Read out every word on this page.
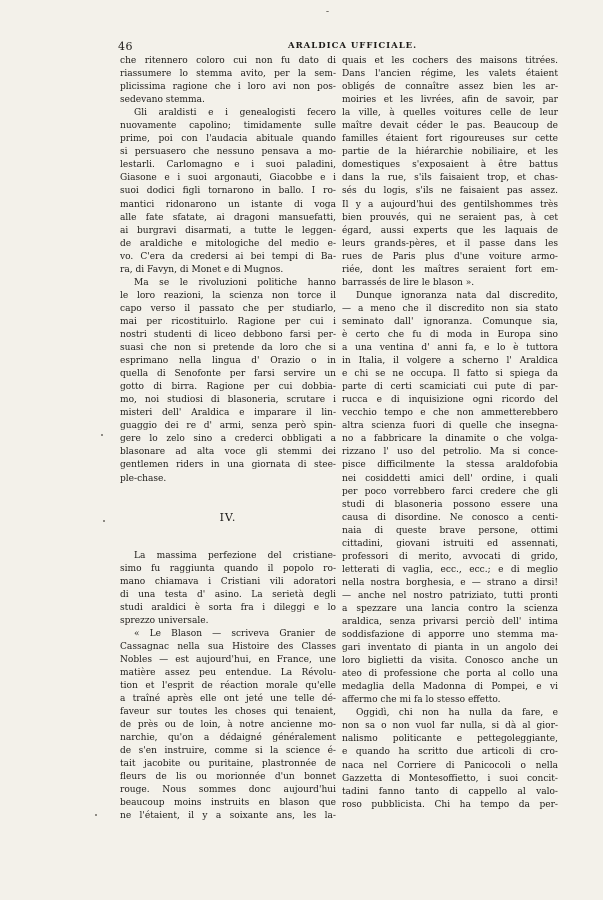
46	ARALDICA UFFICIALE.
che ritennero coloro cui non fu dato di
riassumere lo stemma avito, per la sem-
plicissima ragione che i loro avi non pos-
sedevano stemma.
Gli araldisti e i genealogisti fecero
nuovamente capolino; timidamente sulle
prime, poi con l'audacia abituale quando
si persuasero che nessuno pensava a mo-
lestarli. Carlomagno e i suoi paladini,
Giasone e i suoi argonauti, Giacobbe e i
suoi dodici figli tornarono in ballo. I ro-
mantici ridonarono un istante di voga
alle fate sfatate, ai dragoni mansuefatti,
ai burgravi disarmati, a tutte le leggen-
de araldiche e mitologiche del medio e-
vo. C'era da credersi ai bei tempi di Ba-
ra, di Favyn, di Monet e di Mugnos.
Ma se le rivoluzioni politiche hanno
le loro reazioni, la scienza non torce il
capo verso il passato che per studiarlo,
mai per ricostituirlo. Ragione per cui i
nostri studenti di liceo debbono farsi per-
suasi che non si pretende da loro che si
esprimano nella lingua d' Orazio o in
quella di Senofonte per farsi servire un
gotto di birra. Ragione per cui dobbia-
mo, noi studiosi di blasoneria, scrutare i
misteri dell' Araldica e imparare il lin-
guaggio dei re d' armi, senza però spin-
gere lo zelo sino a crederci obbligati a
blasonare ad alta voce gli stemmi dei
gentlemen riders in una giornata di stee-
ple-chase.
IV.
La massima perfezione del cristiane-
simo fu raggiunta quando il popolo ro-
mano chiamava i Cristiani vili adoratori
di una testa d' asino. La serietà degli
studi araldici è sorta fra i dileggi e lo
sprezzo universale.
« Le Blason — scriveva Granier de
Cassagnac nella sua Histoire des Classes
Nobles — est aujourd'hui, en France, une
matière assez peu entendue. La Révolu-
tion et l'esprit de réaction morale qu'elle
a traîné après elle ont jeté une telle dé-
faveur sur toutes les choses qui tenaient,
de près ou de loin, à notre ancienne mo-
narchie, qu'on a dédaigné généralement
de s'en instruire, comme si la science é-
tait jacobite ou puritaine, plastronnée de
fleurs de lis ou morionnée d'un bonnet
rouge. Nous sommes donc aujourd'hui
beaucoup moins instruits en blason que
ne l'étaient, il y a soixante ans, les la-
quais et les cochers des maisons titrées.
Dans l'ancien régime, les valets étaient
obligés de connaître assez bien les ar-
moiries et les livrées, afin de savoir, par
la ville, à quelles voitures celle de leur
maître devait céder le pas. Beaucoup de
familles étaient fort rigoureuses sur cette
partie de la hiérarchie nobiliaire, et les
domestiques s'exposaient à être battus
dans la rue, s'ils faisaient trop, et chas-
sés du logis, s'ils ne faisaient pas assez.
Il y a aujourd'hui des gentilshommes très
bien prouvés, qui ne seraient pas, à cet
égard, aussi experts que les laquais de
leurs grands-pères, et il passe dans les
rues de Paris plus d'une voiture armo-
riée, dont les maîtres seraient fort em-
barrassés de lire le blason ».
Dunque ignoranza nata dal discredito,
— a meno che il discredito non sia stato
seminato dall' ignoranza. Comunque sia,
è certo che fu di moda in Europa sino
a una ventina d' anni fa, e lo è tuttora
in Italia, il volgere a scherno l' Araldica
e chi se ne occupa. Il fatto si spiega da
parte di certi scamiciati cui pute di par-
rucca e di inquisizione ogni ricordo del
vecchio tempo e che non ammetterebbero
altra scienza fuori di quelle che insegna-
no a fabbricare la dinamite o che volga-
rizzano l' uso del petrolio. Ma si conce-
pisce difficilmente la stessa araldofobia
nei cosiddetti amici dell' ordine, i quali
per poco vorrebbero farci credere che gli
studi di blasoneria possono essere una
causa di disordine. Ne conosco a centi-
naia di queste brave persone, ottimi
cittadini, giovani istruiti ed assennati,
professori di merito, avvocati di grido,
letterati di vaglia, ecc., ecc.; e di meglio
nella nostra borghesia, e — strano a dirsi!
— anche nel nostro patriziato, tutti pronti
a spezzare una lancia contro la scienza
araldica, senza privarsi perciò dell' intima
soddisfazione di apporre uno stemma ma-
gari inventato di pianta in un angolo dei
loro biglietti da visita. Conosco anche un
ateo di professione che porta al collo una
medaglia della Madonna di Pompei, e vi
affermo che mi fa lo stesso effetto.
Oggidì, chi non ha nulla da fare, e
non sa o non vuol far nulla, si dà al gior-
nalismo politicante e pettegoleggiante,
e quando ha scritto due articoli di cro-
naca nel Corriere di Panicocoli o nella
Gazzetta di Montesoffietto, i suoi concit-
tadini fanno tanto di cappello al valo-
roso pubblicista. Chi ha tempo da per-
